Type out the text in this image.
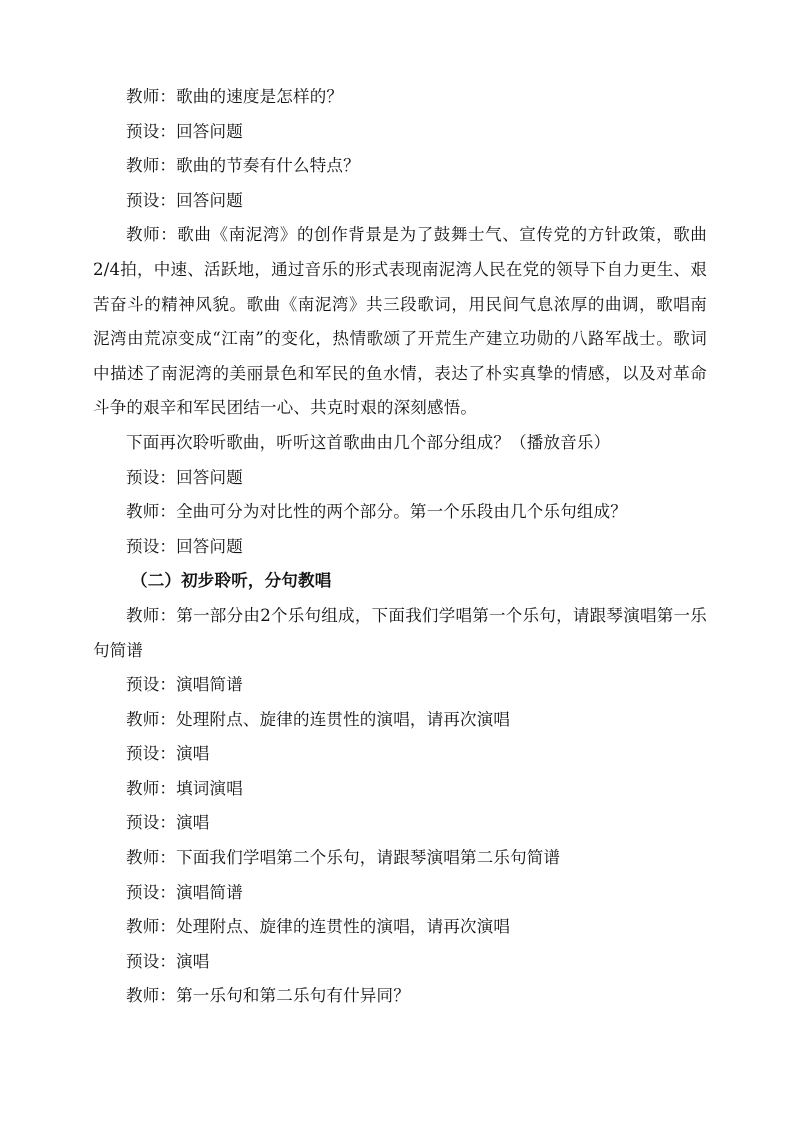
教师：歌曲的速度是怎样的？

预设：回答问题

教师：歌曲的节奏有什么特点？

预设：回答问题

教师：歌曲《南泥湾》的创作背景是为了鼓舞士气、宣传党的方针政策，歌曲2/4拍，中速、活跃地，通过音乐的形式表现南泥湾人民在党的领导下自力更生、艰苦奋斗的精神风貌。歌曲《南泥湾》共三段歌词，用民间气息浓厚的曲调，歌唱南泥湾由荒凉变成“江南”的变化，热情歌颂了开荒生产建立功勋的八路军战士。歌词中描述了南泥湾的美丽景色和军民的鱼水情，表达了朴实真挚的情感，以及对革命斗争的艰辛和军民团结一心、共克时艰的深刻感悟。

下面再次聆听歌曲，听听这首歌曲由几个部分组成？（播放音乐）

预设：回答问题

教师：全曲可分为对比性的两个部分。第一个乐段由几个乐句组成？

预设：回答问题

（二）初步聆听，分句教唱

教师：第一部分由2个乐句组成，下面我们学唱第一个乐句，请跟琴演唱第一乐句简谱

预设：演唱简谱

教师：处理附点、旋律的连贯性的演唱，请再次演唱

预设：演唱

教师：填词演唱

预设：演唱

教师：下面我们学唱第二个乐句，请跟琴演唱第二乐句简谱

预设：演唱简谱

教师：处理附点、旋律的连贯性的演唱，请再次演唱

预设：演唱

教师：第一乐句和第二乐句有什异同？
